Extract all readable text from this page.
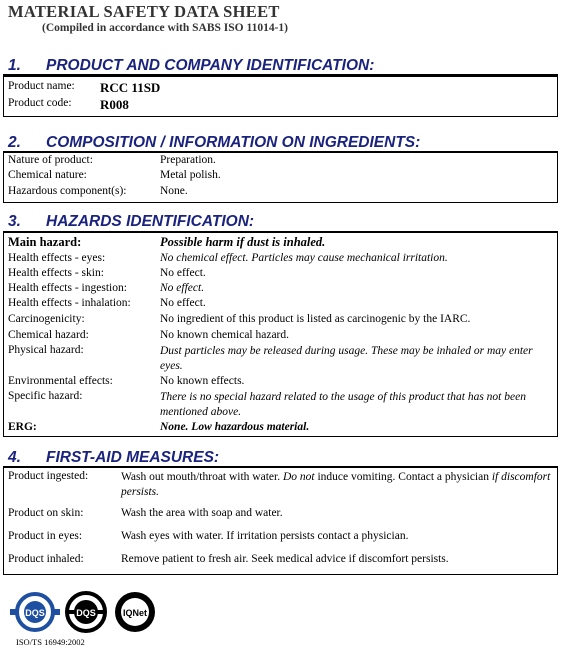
MATERIAL SAFETY DATA SHEET
(Compiled in accordance with SABS ISO 11014-1)
1. PRODUCT AND COMPANY IDENTIFICATION:
Product name: RCC 11SD
Product code: R008
2. COMPOSITION / INFORMATION ON INGREDIENTS:
Nature of product:	Preparation.
Chemical nature:	Metal polish.
Hazardous component(s):	None.
3. HAZARDS IDENTIFICATION:
Main hazard:	Possible harm if dust is inhaled.
Health effects - eyes:	No chemical effect. Particles may cause mechanical irritation.
Health effects - skin:	No effect.
Health effects - ingestion:	No effect.
Health effects - inhalation:	No effect.
Carcinogenicity:	No ingredient of this product is listed as carcinogenic by the IARC.
Chemical hazard:	No known chemical hazard.
Physical hazard:	Dust particles may be released during usage. These may be inhaled or may enter eyes.
Environmental effects:	No known effects.
Specific hazard:	There is no special hazard related to the usage of this product that has not been mentioned above.
ERG:	None. Low hazardous material.
4. FIRST-AID MEASURES:
Product ingested:	Wash out mouth/throat with water. Do not induce vomiting. Contact a physician if discomfort persists.
Product on skin:	Wash the area with soap and water.
Product in eyes:	Wash eyes with water. If irritation persists contact a physician.
Product inhaled:	Remove patient to fresh air. Seek medical advice if discomfort persists.
DQS	DQS	IQNet
ISO/TS 16949:2002
